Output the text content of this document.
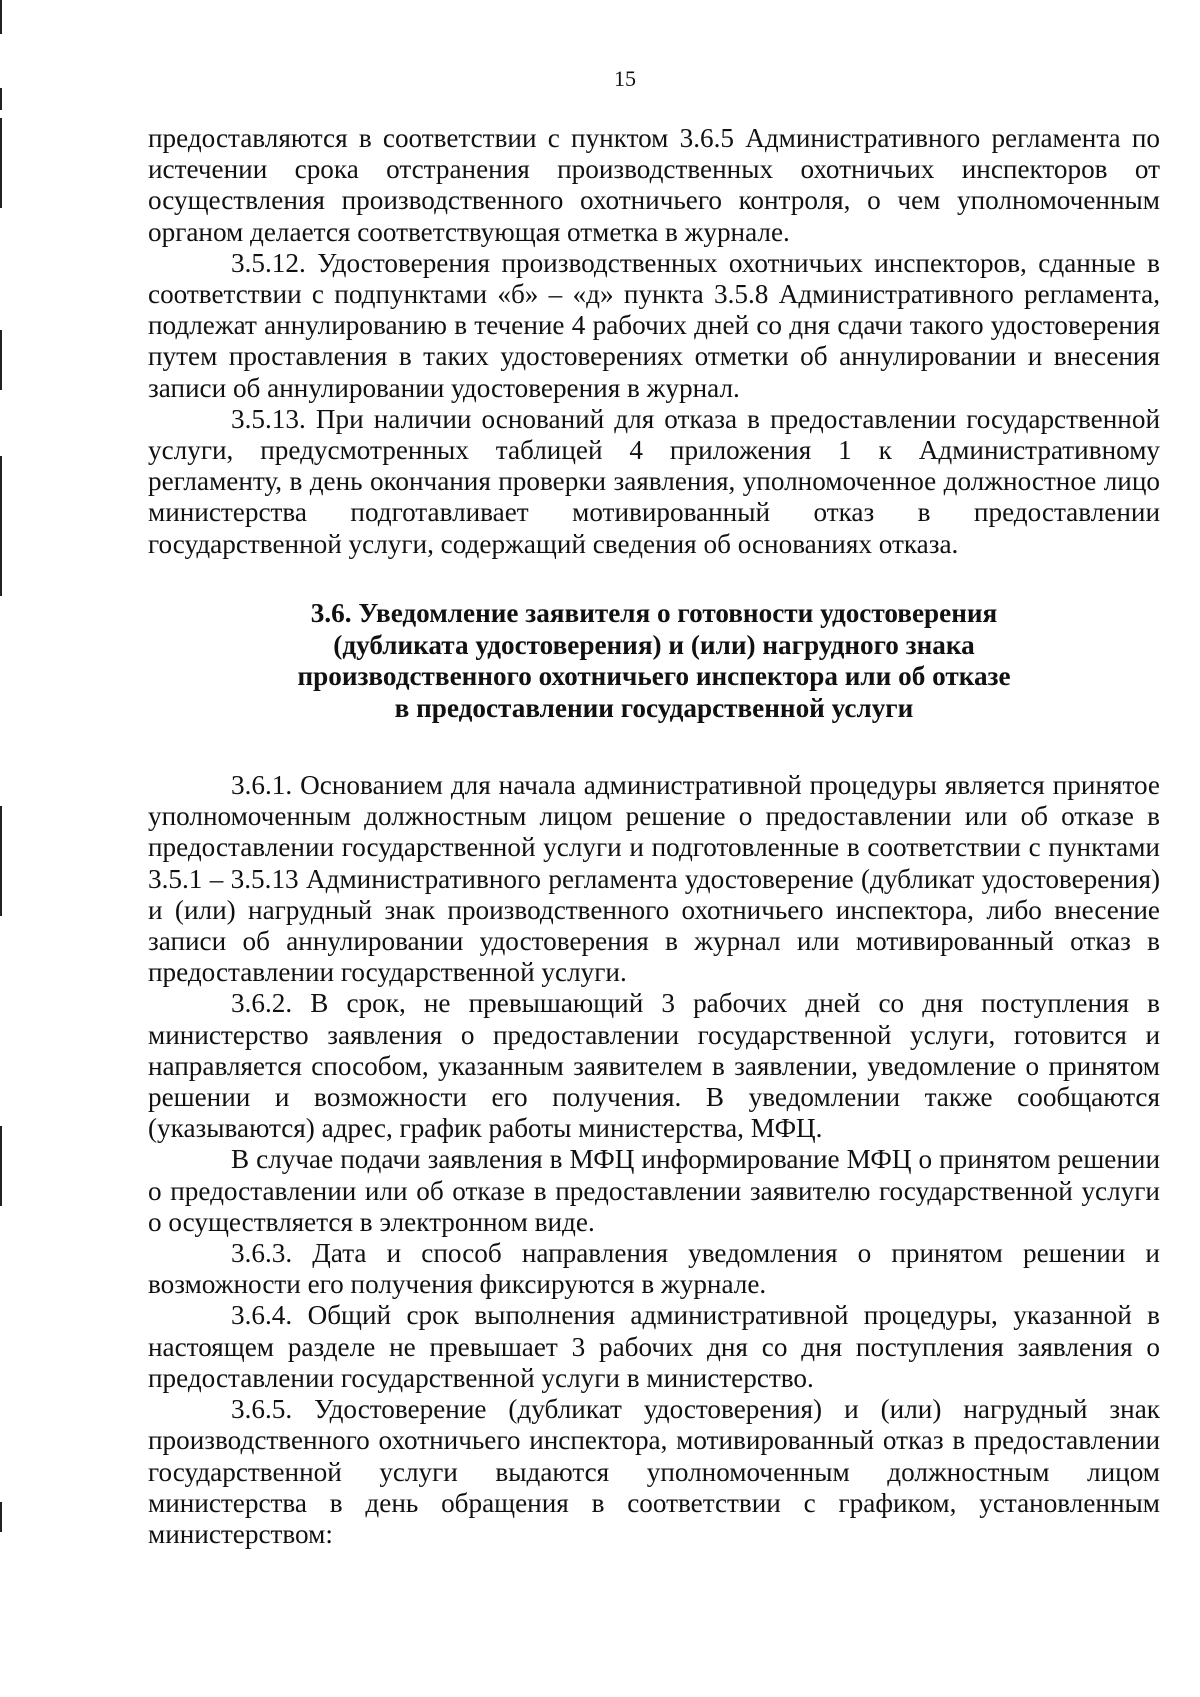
15

предоставляются в соответствии с пунктом 3.6.5 Административного регламента по истечении срока отстранения производственных охотничьих инспекторов от осуществления производственного охотничьего контроля, о чем уполномоченным органом делается соответствующая отметка в журнале.

3.5.12. Удостоверения производственных охотничьих инспекторов, сданные в соответствии с подпунктами «б» – «д» пункта 3.5.8 Административного регламента, подлежат аннулированию в течение 4 рабочих дней со дня сдачи такого удостоверения путем проставления в таких удостоверениях отметки об аннулировании и внесения записи об аннулировании удостоверения в журнал.

3.5.13. При наличии оснований для отказа в предоставлении государственной услуги, предусмотренных таблицей 4 приложения 1 к Административному регламенту, в день окончания проверки заявления, уполномоченное должностное лицо министерства подготавливает мотивированный отказ в предоставлении государственной услуги, содержащий сведения об основаниях отказа.

3.6. Уведомление заявителя о готовности удостоверения
(дубликата удостоверения) и (или) нагрудного знака
производственного охотничьего инспектора или об отказе
в предоставлении государственной услуги

3.6.1. Основанием для начала административной процедуры является принятое уполномоченным должностным лицом решение о предоставлении или об отказе в предоставлении государственной услуги и подготовленные в соответствии с пунктами 3.5.1 – 3.5.13 Административного регламента удостоверение (дубликат удостоверения) и (или) нагрудный знак производственного охотничьего инспектора, либо внесение записи об аннулировании удостоверения в журнал или мотивированный отказ в предоставлении государственной услуги.

3.6.2. В срок, не превышающий 3 рабочих дней со дня поступления в министерство заявления о предоставлении государственной услуги, готовится и направляется способом, указанным заявителем в заявлении, уведомление о принятом решении и возможности его получения. В уведомлении также сообщаются (указываются) адрес, график работы министерства, МФЦ.

В случае подачи заявления в МФЦ информирование МФЦ о принятом решении о предоставлении или об отказе в предоставлении заявителю государственной услуги о осуществляется в электронном виде.

3.6.3. Дата и способ направления уведомления о принятом решении и возможности его получения фиксируются в журнале.

3.6.4. Общий срок выполнения административной процедуры, указанной в настоящем разделе не превышает 3 рабочих дня со дня поступления заявления о предоставлении государственной услуги в министерство.

3.6.5. Удостоверение (дубликат удостоверения) и (или) нагрудный знак производственного охотничьего инспектора, мотивированный отказ в предоставлении государственной услуги выдаются уполномоченным должностным лицом министерства в день обращения в соответствии с графиком, установленным министерством:
